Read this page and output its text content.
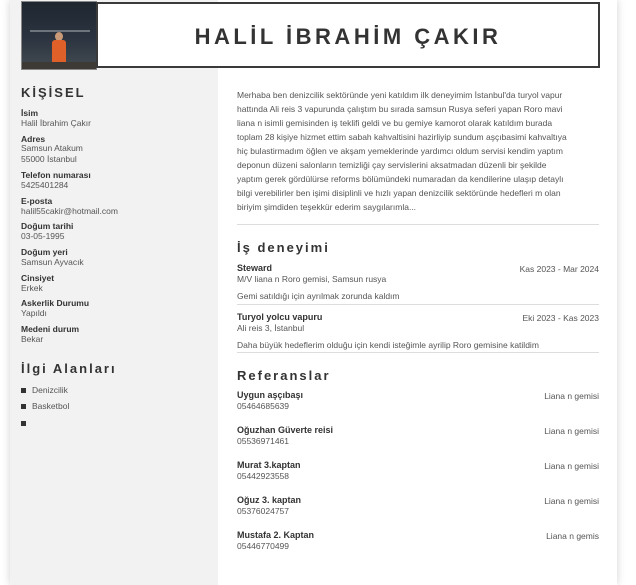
KİŞİSEL
İsim
Halil İbrahim Çakır
Adres
Samsun Atakum
55000 İstanbul
Telefon numarası
5425401284
E-posta
halil55cakir@hotmail.com
Doğum tarihi
03-05-1995
Doğum yeri
Samsun Ayvacık
Cinsiyet
Erkek
Askerlik Durumu
Yapıldı
Medeni durum
Bekar
İlgi Alanları
Denizcilik
Basketbol
HALİL İBRAHİM ÇAKIR
Merhaba ben denizcilik sektöründe yeni katıldım ilk deneyimim İstanbul'da turyol vapur
hattında Ali reis 3 vapurunda çalıştım bu sırada samsun Rusya seferi yapan Roro mavi
liana n isimli gemisinden iş teklifi geldi ve bu gemiye kamorot olarak katıldım burada
toplam 28 kişiye hizmet ettim sabah kahvaltisini hazirliyip sundum aşçıbasimi kahvaltıya
hiç bulastirmadım öğlen ve akşam yemeklerinde yardımcı oldum servisi kendim yaptım
deponun düzeni salonların temizliği çay servislerini aksatmadan düzenli bir şekilde
yaptım gerek gördülürse reforms bölümündeki numaradan da kendilerine ulaşıp detaylı
bilgi verebilirler ben işimi disiplinli ve hızlı yapan denizcilik sektöründe hedefleri m olan
biriyim şimdiden teşekkür ederim saygılarımla...
İş deneyimi
Steward	Kas 2023 - Mar 2024
M/V liana n Roro gemisi, Samsun rusya
Gemi satıldığı için ayrılmak zorunda kaldım
Turyol yolcu vapuru	Eki 2023 - Kas 2023
Ali reis 3, İstanbul
Daha büyük hedeflerim olduğu için kendi isteğimle ayrilip Roro gemisine katildim
Referanslar
Uygun aşçıbaşı	Liana n gemisi
05464685639
Oğuzhan Güverte reisi	Liana n gemisi
05536971461
Murat 3.kaptan	Liana n gemisi
05442923558
Oğuz 3. kaptan	Liana n gemisi
05376024757
Mustafa 2. Kaptan	Liana n gemis
05446770499
